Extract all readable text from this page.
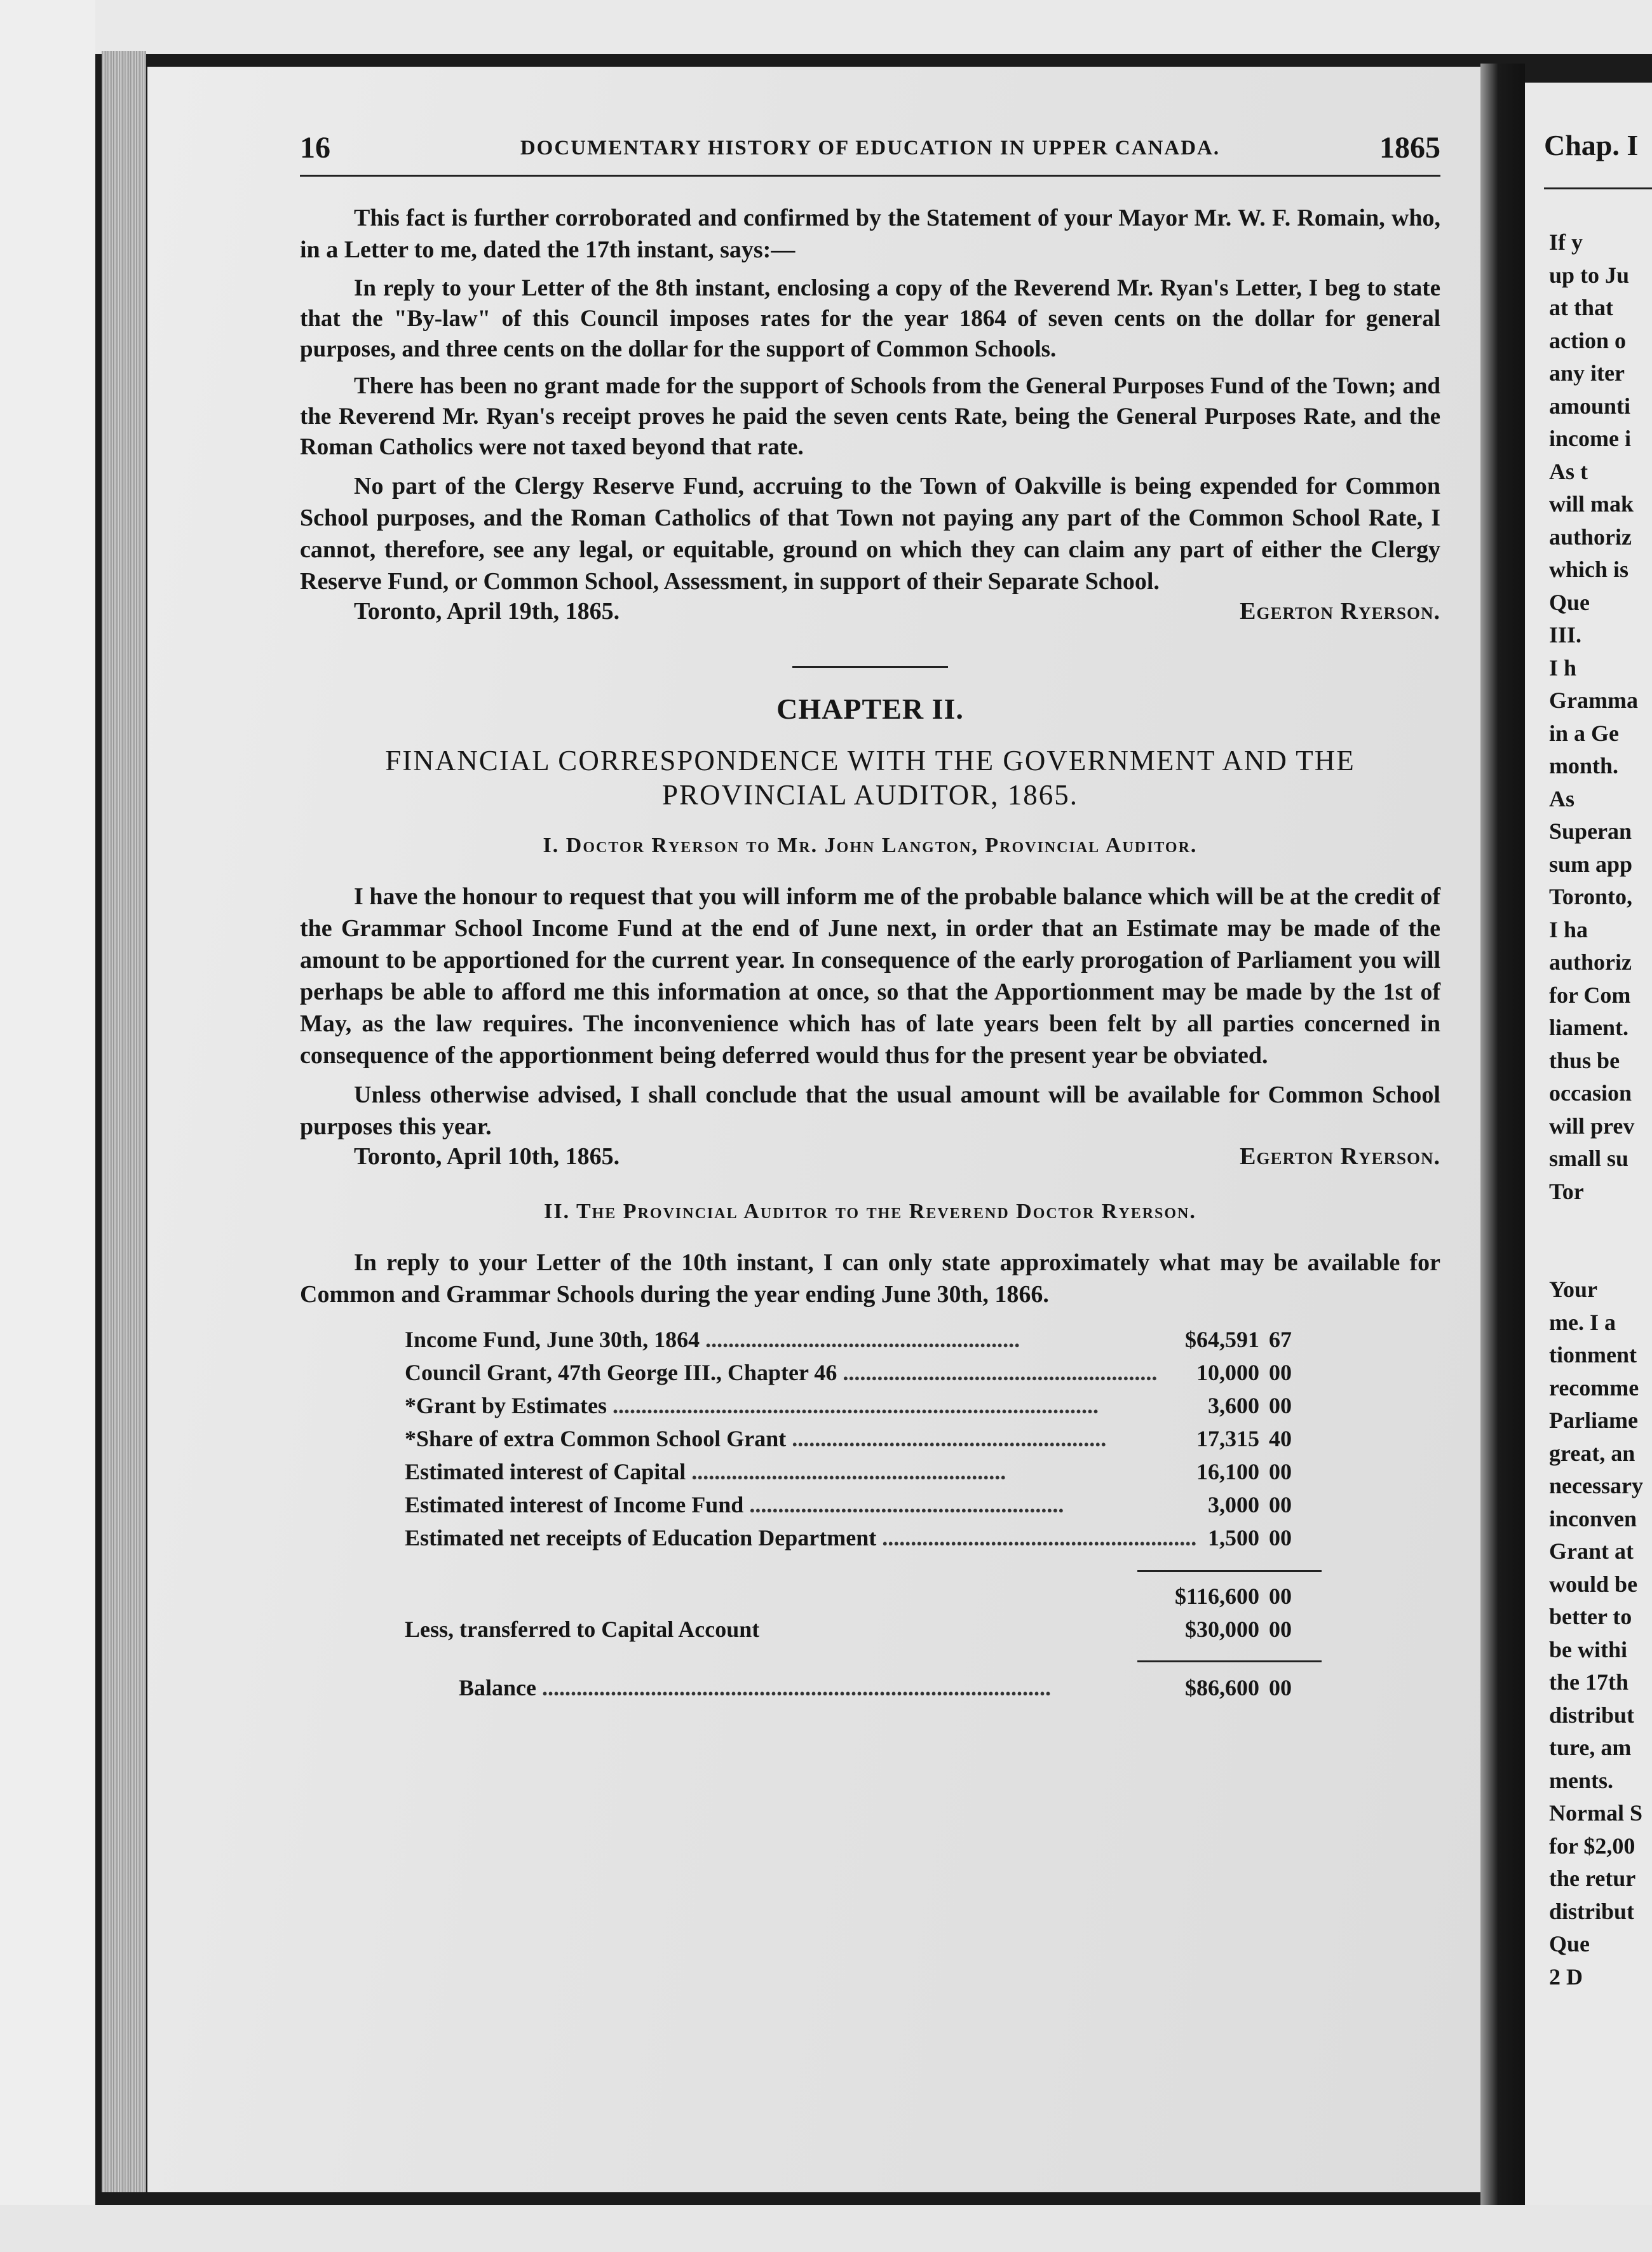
16	DOCUMENTARY HISTORY OF EDUCATION IN UPPER CANADA.	1865

This fact is further corroborated and confirmed by the Statement of your Mayor Mr. W. F. Romain, who, in a Letter to me, dated the 17th instant, says:—

In reply to your Letter of the 8th instant, enclosing a copy of the Reverend Mr. Ryan's Letter, I beg to state that the "By-law" of this Council imposes rates for the year 1864 of seven cents on the dollar for general purposes, and three cents on the dollar for the support of Common Schools.

There has been no grant made for the support of Schools from the General Purposes Fund of the Town; and the Reverend Mr. Ryan's receipt proves he paid the seven cents Rate, being the General Purposes Rate, and the Roman Catholics were not taxed beyond that rate.

No part of the Clergy Reserve Fund, accruing to the Town of Oakville is being expended for Common School purposes, and the Roman Catholics of that Town not paying any part of the Common School Rate, I cannot, therefore, see any legal, or equitable, ground on which they can claim any part of either the Clergy Reserve Fund, or Common School, Assessment, in support of their Separate School.

Toronto, April 19th, 1865.	Egerton Ryerson.
CHAPTER II.
FINANCIAL CORRESPONDENCE WITH THE GOVERNMENT AND THE PROVINCIAL AUDITOR, 1865.
I. Doctor Ryerson to Mr. John Langton, Provincial Auditor.

I have the honour to request that you will inform me of the probable balance which will be at the credit of the Grammar School Income Fund at the end of June next, in order that an Estimate may be made of the amount to be apportioned for the current year. In consequence of the early prorogation of Parliament you will perhaps be able to afford me this information at once, so that the Apportionment may be made by the 1st of May, as the law requires. The inconvenience which has of late years been felt by all parties concerned in consequence of the apportionment being deferred would thus for the present year be obviated.

Unless otherwise advised, I shall conclude that the usual amount will be available for Common School purposes this year.

Toronto, April 10th, 1865.	Egerton Ryerson.
II. The Provincial Auditor to the Reverend Doctor Ryerson.

In reply to your Letter of the 10th instant, I can only state approximately what may be available for Common and Grammar Schools during the year ending June 30th, 1866.

Income Fund, June 30th, 1864 .......................................................	$64,591 67
Council Grant, 47th George III., Chapter 46 .......................................................	10,000 00
*Grant by Estimates .....................................................................................	3,600 00
*Share of extra Common School Grant .......................................................	17,315 40
Estimated interest of Capital .......................................................	16,100 00
Estimated interest of Income Fund .......................................................	3,000 00
Estimated net receipts of Education Department ....................................................... 1,500 00
$116,600 00
Less, transferred to Capital Account	$30,000 00
Balance .........................................................................................	$86,600 00
Chap. I
If y
up to Ju
at that
action o
any iter
amounti
income i
As t
will mak
authoriz
which is
Que
III.
I h
Gramma
in a Ge
month.
As
Superan
sum app
Toronto,
I ha
authoriz
for Com
liament.
thus be
occasion
will prev
small su
Tor
Your
me. I a
tionment
recomme
Parliame
great, an
necessary
inconven
Grant at
would be
better to
be withi
the 17th
distribut
ture, am
ments.
Normal S
for $2,00
the retur
distribut
Que
2 D
